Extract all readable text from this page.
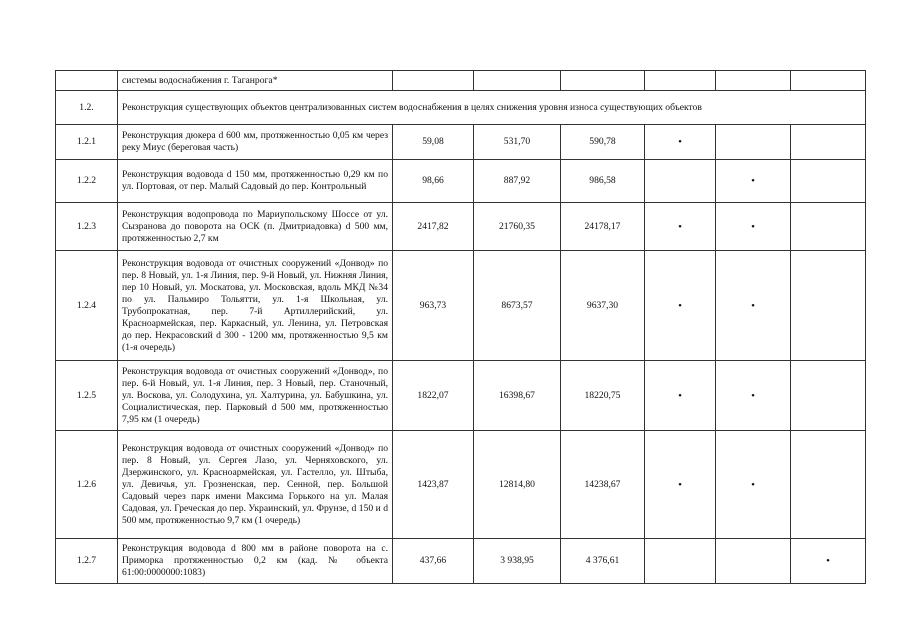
	системы водоснабжения г. Таганрога*						
1.2.	Реконструкция существующих объектов централизованных систем водоснабжения в целях снижения уровня износа существующих объектов						
1.2.1	Реконструкция дюкера d 600 мм, протяженностью 0,05 км через реку Миус (береговая часть)	59,08	531,70	590,78	•		
1.2.2	Реконструкция водовода d 150 мм, протяженностью 0,29 км по ул. Портовая, от пер. Малый Садовый до пер. Контрольный	98,66	887,92	986,58		•	
1.2.3	Реконструкция водопровода по Мариупольскому Шоссе от ул. Сызранова до поворота на ОСК (п. Дмитриадовка) d 500 мм, протяженностью 2,7 км	2417,82	21760,35	24178,17	•	•	
1.2.4	Реконструкция водовода от очистных сооружений «Донвод» по пер. 8 Новый, ул. 1-я Линия, пер. 9-й Новый, ул. Нижняя Линия, пер 10 Новый, ул. Москатова, ул. Московская, вдоль МКД №34 по ул. Пальмиро Тольятти, ул. 1-я Школьная, ул. Трубопрокатная, пер. 7-й Артиллерийский, ул. Красноармейская, пер. Каркасный, ул. Ленина, ул. Петровская до пер. Некрасовский d 300 - 1200 мм, протяженностью 9,5 км (1-я очередь)	963,73	8673,57	9637,30	•	•	
1.2.5	Реконструкция водовода от очистных сооружений «Донвод», по пер. 6-й Новый, ул. 1-я Линия, пер. 3 Новый, пер. Станочный, ул. Воскова, ул. Солодухина, ул. Халтурина, ул. Бабушкина, ул. Социалистическая, пер. Парковый d 500 мм, протяженностью 7,95 км (1 очередь)	1822,07	16398,67	18220,75	•	•	
1.2.6	Реконструкция водовода от очистных сооружений «Донвод» по пер. 8 Новый, ул. Сергея Лазо, ул. Черняховского, ул. Дзержинского, ул. Красноармейская, ул. Гастелло, ул. Штыба, ул. Девичья, ул. Грозненская, пер. Сенной, пер. Большой Садовый через парк имени Максима Горького на ул. Малая Садовая, ул. Греческая до пер. Украинский, ул. Фрунзе, d 150 и d 500 мм, протяженностью 9,7 км (1 очередь)	1423,87	12814,80	14238,67	•	•	
1.2.7	Реконструкция водовода d 800 мм в районе поворота на с. Приморка протяженностью 0,2 км (кад. № объекта 61:00:0000000:1083)	437,66	3 938,95	4 376,61			•
